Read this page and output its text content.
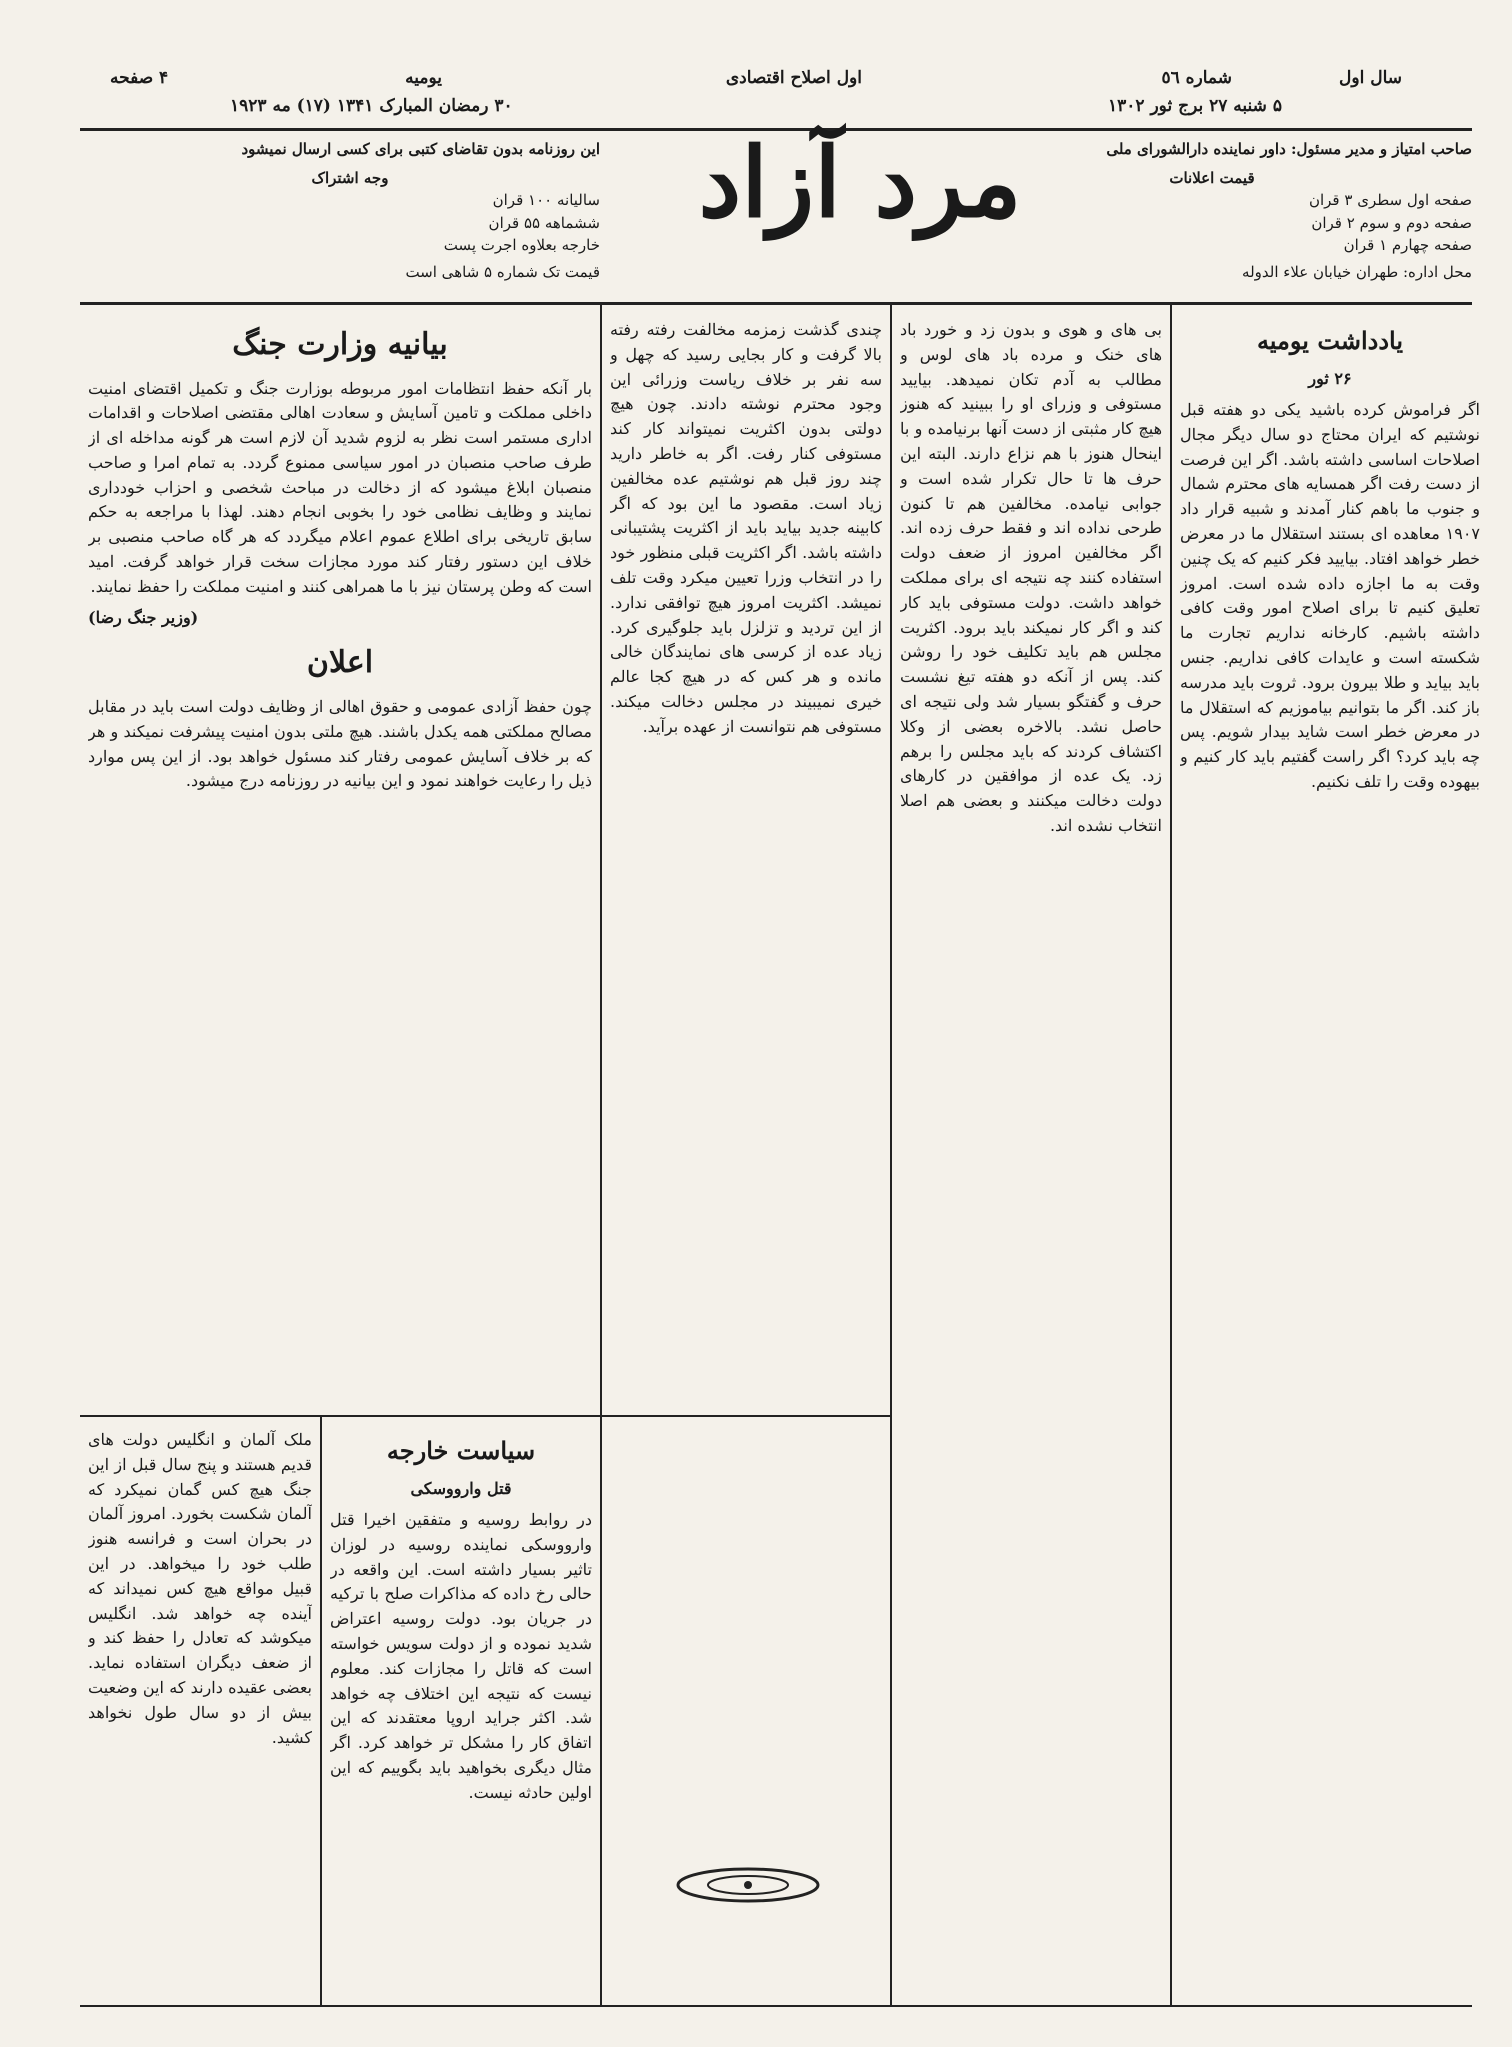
سال اول
شماره ٥٦
اول اصلاح اقتصادی
یومیه
۴ صفحه
۵ شنبه ۲۷ برج ثور ۱۳۰۲
۳۰ رمضان المبارک ۱۳۴۱ (۱۷) مه ۱۹۲۳
صاحب امتیاز و مدیر مسئول: داور نماینده دارالشورای ملی
قیمت اعلانات
صفحه اول سطری ۳ قران
صفحه دوم و سوم ۲ قران
صفحه چهارم ۱ قران
محل اداره: طهران خیابان علاء الدوله
مرد آزاد
این روزنامه بدون تقاضای کتبی برای کسی ارسال نمیشود
وجه اشتراک
سالیانه ۱۰۰ قران
ششماهه ۵۵ قران
خارجه بعلاوه اجرت پست
قیمت تک شماره ۵ شاهی است
یادداشت یومیه
۲۶ ثور

اگر فراموش کرده باشید یکی دو هفته قبل نوشتیم که ایران محتاج دو سال دیگر مجال اصلاحات اساسی داشته باشد. اگر این فرصت از دست رفت اگر همسایه های محترم شمال و جنوب ما باهم کنار آمدند و شبیه قرار داد ۱۹۰۷ معاهده ای بستند استقلال ما در معرض خطر خواهد افتاد. بیایید فکر کنیم که یک چنین وقت به ما اجازه داده شده است. امروز تعلیق کنیم تا برای اصلاح امور وقت کافی داشته باشیم. کارخانه نداریم تجارت ما شکسته است و عایدات کافی نداریم. جنس باید بیاید و طلا بیرون برود. ثروت باید مدرسه باز کند. اگر ما بتوانیم بیاموزیم که استقلال ما در معرض خطر است شاید بیدار شویم. پس چه باید کرد؟ اگر راست گفتیم باید کار کنیم و بیهوده وقت را تلف نکنیم.

بی های و هوی و بدون زد و خورد باد های خنک و مرده باد های لوس و مطالب به آدم تکان نمیدهد. بیایید مستوفی و وزرای او را ببینید که هنوز هیچ کار مثبتی از دست آنها برنیامده و با اینحال هنوز با هم نزاع دارند. البته این حرف ها تا حال تکرار شده است و جوابی نیامده. مخالفین هم تا کنون طرحی نداده اند و فقط حرف زده اند. اگر مخالفین امروز از ضعف دولت استفاده کنند چه نتیجه ای برای مملکت خواهد داشت. دولت مستوفی باید کار کند و اگر کار نمیکند باید برود. اکثریت مجلس هم باید تکلیف خود را روشن کند. پس از آنکه دو هفته تیغ نشست حرف و گفتگو بسیار شد ولی نتیجه ای حاصل نشد. بالاخره بعضی از وکلا اکتشاف کردند که باید مجلس را برهم زد. یک عده از موافقین در کارهای دولت دخالت میکنند و بعضی هم اصلا انتخاب نشده اند.

چندی گذشت زمزمه مخالفت رفته رفته بالا گرفت و کار بجایی رسید که چهل و سه نفر بر خلاف ریاست وزرائی این وجود محترم نوشته دادند. چون هیچ دولتی بدون اکثریت نمیتواند کار کند مستوفی کنار رفت. اگر به خاطر دارید چند روز قبل هم نوشتیم عده مخالفین زیاد است. مقصود ما این بود که اگر کابینه جدید بیاید باید از اکثریت پشتیبانی داشته باشد. اگر اکثریت قبلی منظور خود را در انتخاب وزرا تعیین میکرد وقت تلف نمیشد. اکثریت امروز هیچ توافقی ندارد. از این تردید و تزلزل باید جلوگیری کرد. زیاد عده از کرسی های نمایندگان خالی مانده و هر کس که در هیچ کجا عالم خیری نمیبیند در مجلس دخالت میکند. مستوفی هم نتوانست از عهده برآید.

بیانیه وزارت جنگ

بار آنکه حفظ انتظامات امور مربوطه بوزارت جنگ و تکمیل اقتضای امنیت داخلی مملکت و تامین آسایش و سعادت اهالی مقتضی اصلاحات و اقدامات اداری مستمر است نظر به لزوم شدید آن لازم است هر گونه مداخله ای از طرف صاحب منصبان در امور سیاسی ممنوع گردد. به تمام امرا و صاحب منصبان ابلاغ میشود که از دخالت در مباحث شخصی و احزاب خودداری نمایند و وظایف نظامی خود را بخوبی انجام دهند. لهذا با مراجعه به حکم سابق تاریخی برای اطلاع عموم اعلام میگردد که هر گاه صاحب منصبی بر خلاف این دستور رفتار کند مورد مجازات سخت قرار خواهد گرفت. امید است که وطن پرستان نیز با ما همراهی کنند و امنیت مملکت را حفظ نمایند.

(وزیر جنگ رضا)
اعلان

چون حفظ آزادی عمومی و حقوق اهالی از وظایف دولت است باید در مقابل مصالح مملکتی همه یکدل باشند. هیچ ملتی بدون امنیت پیشرفت نمیکند و هر که بر خلاف آسایش عمومی رفتار کند مسئول خواهد بود. از این پس موارد ذیل را رعایت خواهند نمود و این بیانیه در روزنامه درج میشود.

سیاست خارجه
قتل وارووسکی

در روابط روسیه و متفقین اخیرا قتل وارووسکی نماینده روسیه در لوزان تاثیر بسیار داشته است. این واقعه در حالی رخ داده که مذاکرات صلح با ترکیه در جریان بود. دولت روسیه اعتراض شدید نموده و از دولت سویس خواسته است که قاتل را مجازات کند. معلوم نیست که نتیجه این اختلاف چه خواهد شد. اکثر جراید اروپا معتقدند که این اتفاق کار را مشکل تر خواهد کرد. اگر مثال دیگری بخواهید باید بگوییم که این اولین حادثه نیست.

ملک آلمان و انگلیس دولت های قدیم هستند و پنج سال قبل از این جنگ هیچ کس گمان نمیکرد که آلمان شکست بخورد. امروز آلمان در بحران است و فرانسه هنوز طلب خود را میخواهد. در این قبیل مواقع هیچ کس نمیداند که آینده چه خواهد شد. انگلیس میکوشد که تعادل را حفظ کند و از ضعف دیگران استفاده نماید. بعضی عقیده دارند که این وضعیت بیش از دو سال طول نخواهد کشید.
